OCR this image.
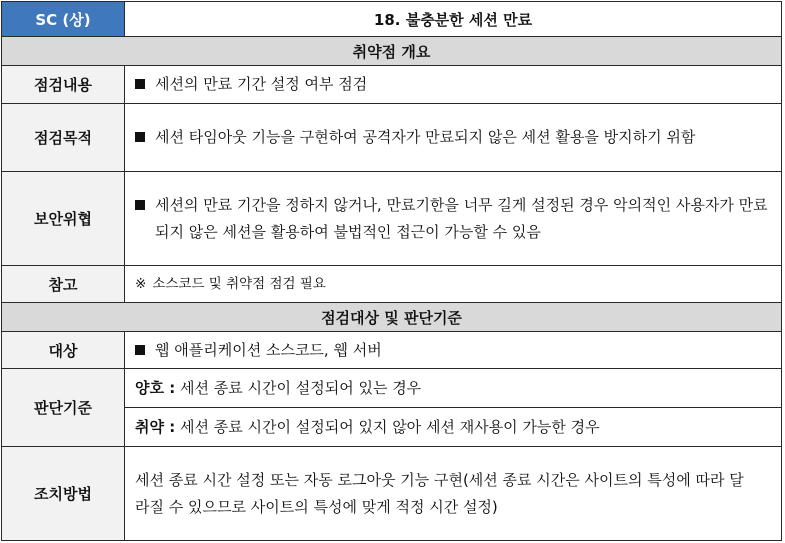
SC (상)	18. 불충분한 세션 만료
취약점 개요	
점검내용	세션의 만료 기간 설정 여부 점검

점검목적	세션 타임아웃 기능을 구현하여 공격자가 만료되지 않은 세션 활용을 방지하기 위함

보안위협	세션의 만료 기간을 정하지 않거나, 만료기한을 너무 길게 설정된 경우 악의적인 사용자가 만료되지 않은 세션을 활용하여 불법적인 접근이 가능할 수 있음

참고	※ 소스코드 및 취약점 점검 필요
점검대상 및 판단기준	
대상	웹 애플리케이션 소스코드, 웹 서버

판단기준	양호 : 세션 종료 시간이 설정되어 있는 경우
	취약 : 세션 종료 시간이 설정되어 있지 않아 세션 재사용이 가능한 경우
조치방법	세션 종료 시간 설정 또는 자동 로그아웃 기능 구현(세션 종료 시간은 사이트의 특성에 따라 달라질 수 있으므로 사이트의 특성에 맞게 적정 시간 설정)
